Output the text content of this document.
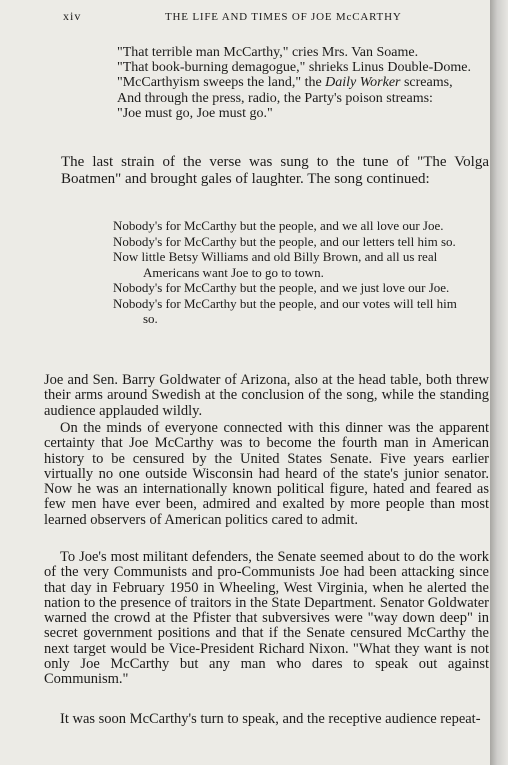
xiv	THE LIFE AND TIMES OF JOE McCARTHY
"That terrible man McCarthy," cries Mrs. Van Soame.
"That book-burning demagogue," shrieks Linus Double-Dome.
"McCarthyism sweeps the land," the Daily Worker screams,
And through the press, radio, the Party's poison streams:
"Joe must go, Joe must go."

The last strain of the verse was sung to the tune of "The Volga Boatmen" and brought gales of laughter. The song continued:

Nobody's for McCarthy but the people, and we all love our Joe.
Nobody's for McCarthy but the people, and our letters tell him so.
Now little Betsy Williams and old Billy Brown, and all us real Americans want Joe to go to town.
Nobody's for McCarthy but the people, and we just love our Joe.
Nobody's for McCarthy but the people, and our votes will tell him so.

Joe and Sen. Barry Goldwater of Arizona, also at the head table, both threw their arms around Swedish at the conclusion of the song, while the standing audience applauded wildly.

On the minds of everyone connected with this dinner was the apparent certainty that Joe McCarthy was to become the fourth man in American history to be censured by the United States Senate. Five years earlier virtually no one outside Wisconsin had heard of the state's junior senator. Now he was an internationally known political figure, hated and feared as few men have ever been, admired and exalted by more people than most learned observers of American politics cared to admit.

To Joe's most militant defenders, the Senate seemed about to do the work of the very Communists and pro-Communists Joe had been attacking since that day in February 1950 in Wheeling, West Virginia, when he alerted the nation to the presence of traitors in the State Department. Senator Goldwater warned the crowd at the Pfister that subversives were "way down deep" in secret government positions and that if the Senate censured McCarthy the next target would be Vice-President Richard Nixon. "What they want is not only Joe McCarthy but any man who dares to speak out against Communism."

It was soon McCarthy's turn to speak, and the receptive audience repeat-
